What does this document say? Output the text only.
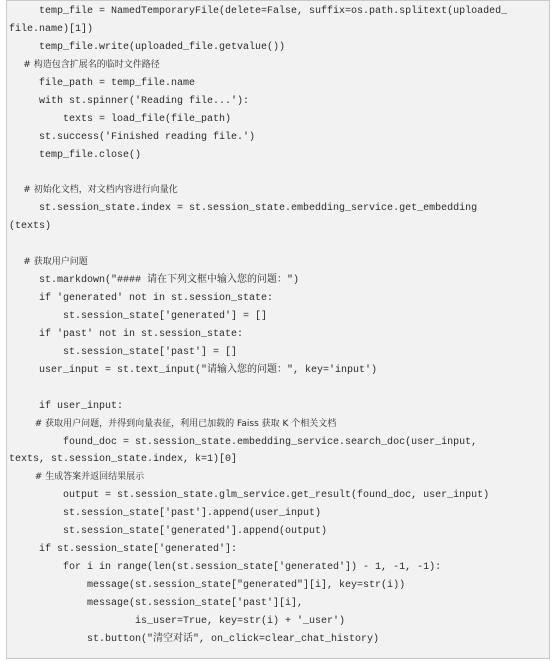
temp_file = NamedTemporaryFile(delete=False, suffix=os.path.splitext(uploaded_
file.name)[1])
temp_file.write(uploaded_file.getvalue())
# 构造包含扩展名的临时文件路径
file_path = temp_file.name
with st.spinner('Reading file...'):
texts = load_file(file_path)
st.success('Finished reading file.')
temp_file.close()
# 初始化文档，对文档内容进行向量化
st.session_state.index = st.session_state.embedding_service.get_embedding
(texts)
# 获取用户问题
st.markdown("#### 请在下列文框中输入您的问题：")
if 'generated' not in st.session_state:
st.session_state['generated'] = []
if 'past' not in st.session_state:
st.session_state['past'] = []
user_input = st.text_input("请输入您的问题：", key='input')
if user_input:
# 获取用户问题，并得到向量表征，利用已加载的 Faiss 获取 K 个相关文档
found_doc = st.session_state.embedding_service.search_doc(user_input,
texts, st.session_state.index, k=1)[0]
# 生成答案并返回结果展示
output = st.session_state.glm_service.get_result(found_doc, user_input)
st.session_state['past'].append(user_input)
st.session_state['generated'].append(output)
if st.session_state['generated']:
for i in range(len(st.session_state['generated']) - 1, -1, -1):
message(st.session_state["generated"][i], key=str(i))
message(st.session_state['past'][i],
is_user=True, key=str(i) + '_user')
st.button("清空对话", on_click=clear_chat_history)
